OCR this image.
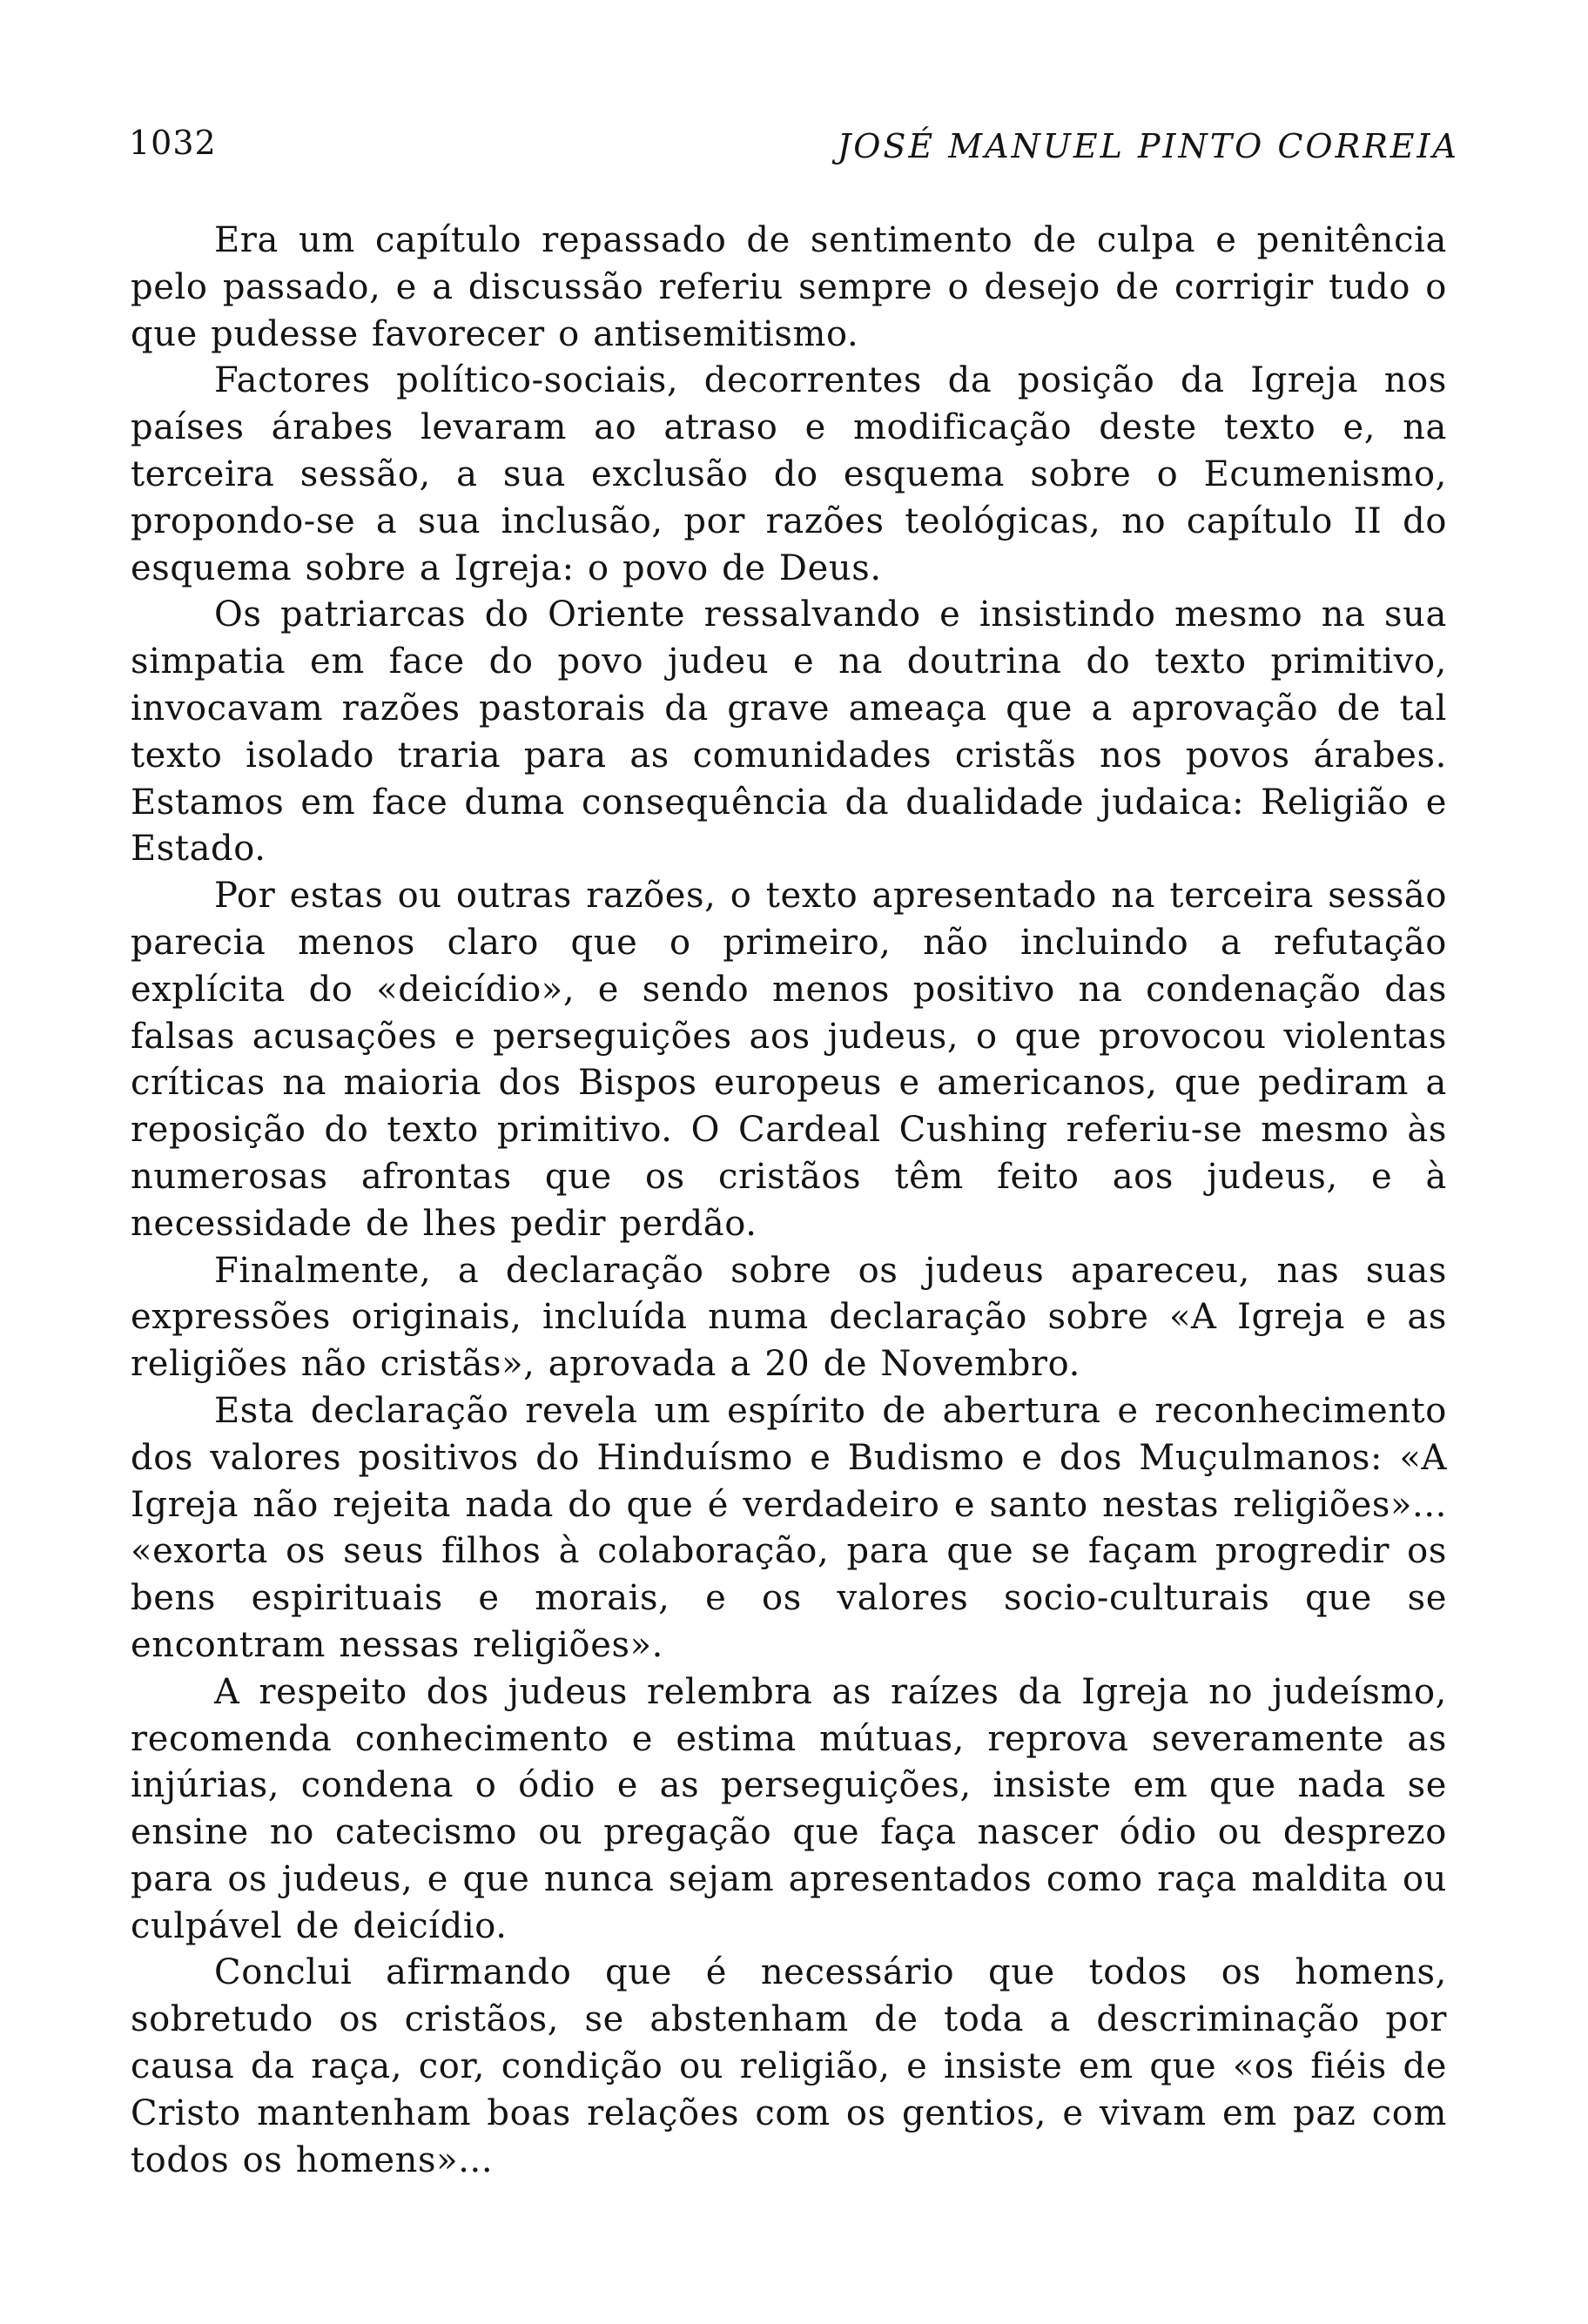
1032	JOSÉ MANUEL PINTO CORREIA

Era um capítulo repassado de sentimento de culpa e penitência pelo passado, e a discussão referiu sempre o desejo de corrigir tudo o que pudesse favorecer o antisemitismo.

Factores político-sociais, decorrentes da posição da Igreja nos países árabes levaram ao atraso e modificação deste texto e, na terceira sessão, a sua exclusão do esquema sobre o Ecumenismo, propondo-se a sua inclusão, por razões teológicas, no capítulo II do esquema sobre a Igreja: o povo de Deus.

Os patriarcas do Oriente ressalvando e insistindo mesmo na sua simpatia em face do povo judeu e na doutrina do texto primitivo, invocavam razões pastorais da grave ameaça que a aprovação de tal texto isolado traria para as comunidades cristãs nos povos árabes. Estamos em face duma consequência da dualidade judaica: Religião e Estado.

Por estas ou outras razões, o texto apresentado na terceira sessão parecia menos claro que o primeiro, não incluindo a refutação explícita do «deicídio», e sendo menos positivo na condenação das falsas acusações e perseguições aos judeus, o que provocou violentas críticas na maioria dos Bispos europeus e americanos, que pediram a reposição do texto primitivo. O Cardeal Cushing referiu-se mesmo às numerosas afrontas que os cristãos têm feito aos judeus, e à necessidade de lhes pedir perdão.

Finalmente, a declaração sobre os judeus apareceu, nas suas expressões originais, incluída numa declaração sobre «A Igreja e as religiões não cristãs», aprovada a 20 de Novembro.

Esta declaração revela um espírito de abertura e reconhecimento dos valores positivos do Hinduísmo e Budismo e dos Muçulmanos: «A Igreja não rejeita nada do que é verdadeiro e santo nestas religiões»... «exorta os seus filhos à colaboração, para que se façam progredir os bens espirituais e morais, e os valores socio-culturais que se encontram nessas religiões».

A respeito dos judeus relembra as raízes da Igreja no judeísmo, recomenda conhecimento e estima mútuas, reprova severamente as injúrias, condena o ódio e as perseguições, insiste em que nada se ensine no catecismo ou pregação que faça nascer ódio ou desprezo para os judeus, e que nunca sejam apresentados como raça maldita ou culpável de deicídio.

Conclui afirmando que é necessário que todos os homens, sobretudo os cristãos, se abstenham de toda a descriminação por causa da raça, cor, condição ou religião, e insiste em que «os fiéis de Cristo mantenham boas relações com os gentios, e vivam em paz com todos os homens»...
